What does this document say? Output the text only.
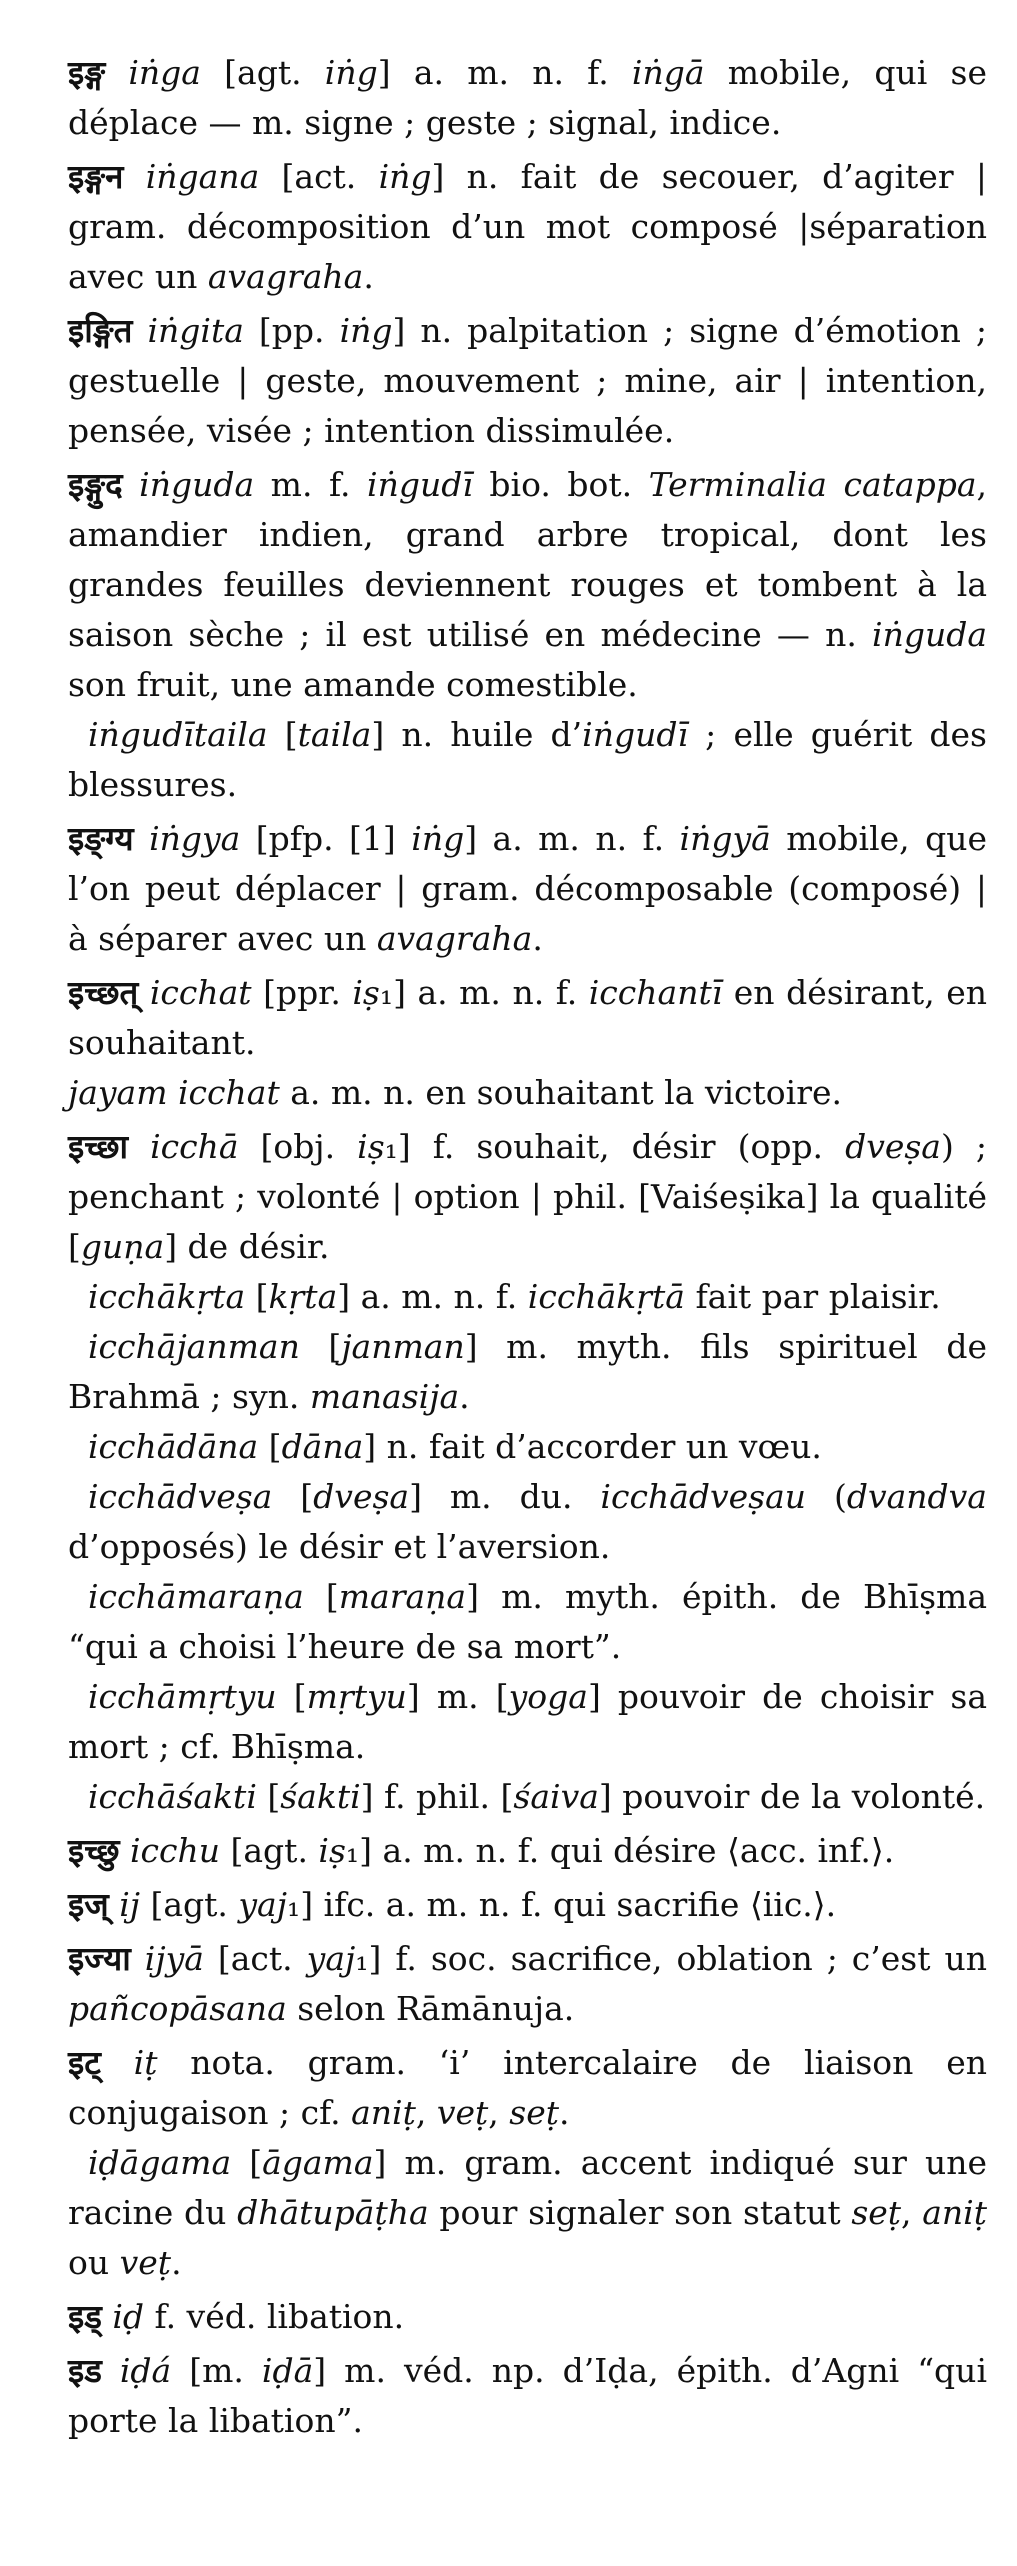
इङ्ग iṅga [agt. iṅg] a. m. n. f. iṅgā mobile, qui se déplace — m. signe ; geste ; signal, indice.

इङ्गन iṅgana [act. iṅg] n. fait de secouer, d’agiter | gram. décomposition d’un mot composé |séparation avec un avagraha.

इङ्गित iṅgita [pp. iṅg] n. palpitation ; signe d’émotion ; gestuelle | geste, mouvement ; mine, air | intention, pensée, visée ; intention dissimulée.

इङ्गुद iṅguda m. f. iṅgudī bio. bot. Terminalia catappa, amandier indien, grand arbre tropical, dont les grandes feuilles deviennent rouges et tombent à la saison sèche ; il est utilisé en médecine — n. iṅguda son fruit, une amande comestible.

iṅgudītaila [taila] n. huile d’iṅgudī ; elle guérit des blessures.

इङ्ग्य iṅgya [pfp. [1] iṅg] a. m. n. f. iṅgyā mobile, que l’on peut déplacer | gram. décomposable (composé) | à séparer avec un avagraha.

इच्छत् icchat [ppr. iṣ₁] a. m. n. f. icchantī en désirant, en souhaitant.

jayam icchat a. m. n. en souhaitant la victoire.

इच्छा icchā [obj. iṣ₁] f. souhait, désir (opp. dveṣa) ; penchant ; volonté | option | phil. [Vaiśeṣika] la qualité [guṇa] de désir.

icchākṛta [kṛta] a. m. n. f. icchākṛtā fait par plaisir.

icchājanman [janman] m. myth. fils spirituel de Brahmā ; syn. manasija.

icchādāna [dāna] n. fait d’accorder un vœu.

icchādveṣa [dveṣa] m. du. icchādveṣau (dvandva d’opposés) le désir et l’aversion.

icchāmaraṇa [maraṇa] m. myth. épith. de Bhīṣma “qui a choisi l’heure de sa mort”.

icchāmṛtyu [mṛtyu] m. [yoga] pouvoir de choisir sa mort ; cf. Bhīṣma.

icchāśakti [śakti] f. phil. [śaiva] pouvoir de la volonté.

इच्छु icchu [agt. iṣ₁] a. m. n. f. qui désire ⟨acc. inf.⟩.

इज् ij [agt. yaj₁] ifc. a. m. n. f. qui sacrifie ⟨iic.⟩.

इज्या ijyā [act. yaj₁] f. soc. sacrifice, oblation ; c’est un pañcopāsana selon Rāmānuja.

इट् iṭ nota. gram. ‘i’ intercalaire de liaison en conjugaison ; cf. aniṭ, veṭ, seṭ.

iḍāgama [āgama] m. gram. accent indiqué sur une racine du dhātupāṭha pour signaler son statut seṭ, aniṭ ou veṭ.

इड् iḍ f. véd. libation.

इड iḍá [m. iḍā] m. véd. np. d’Iḍa, épith. d’Agni “qui porte la libation”.
